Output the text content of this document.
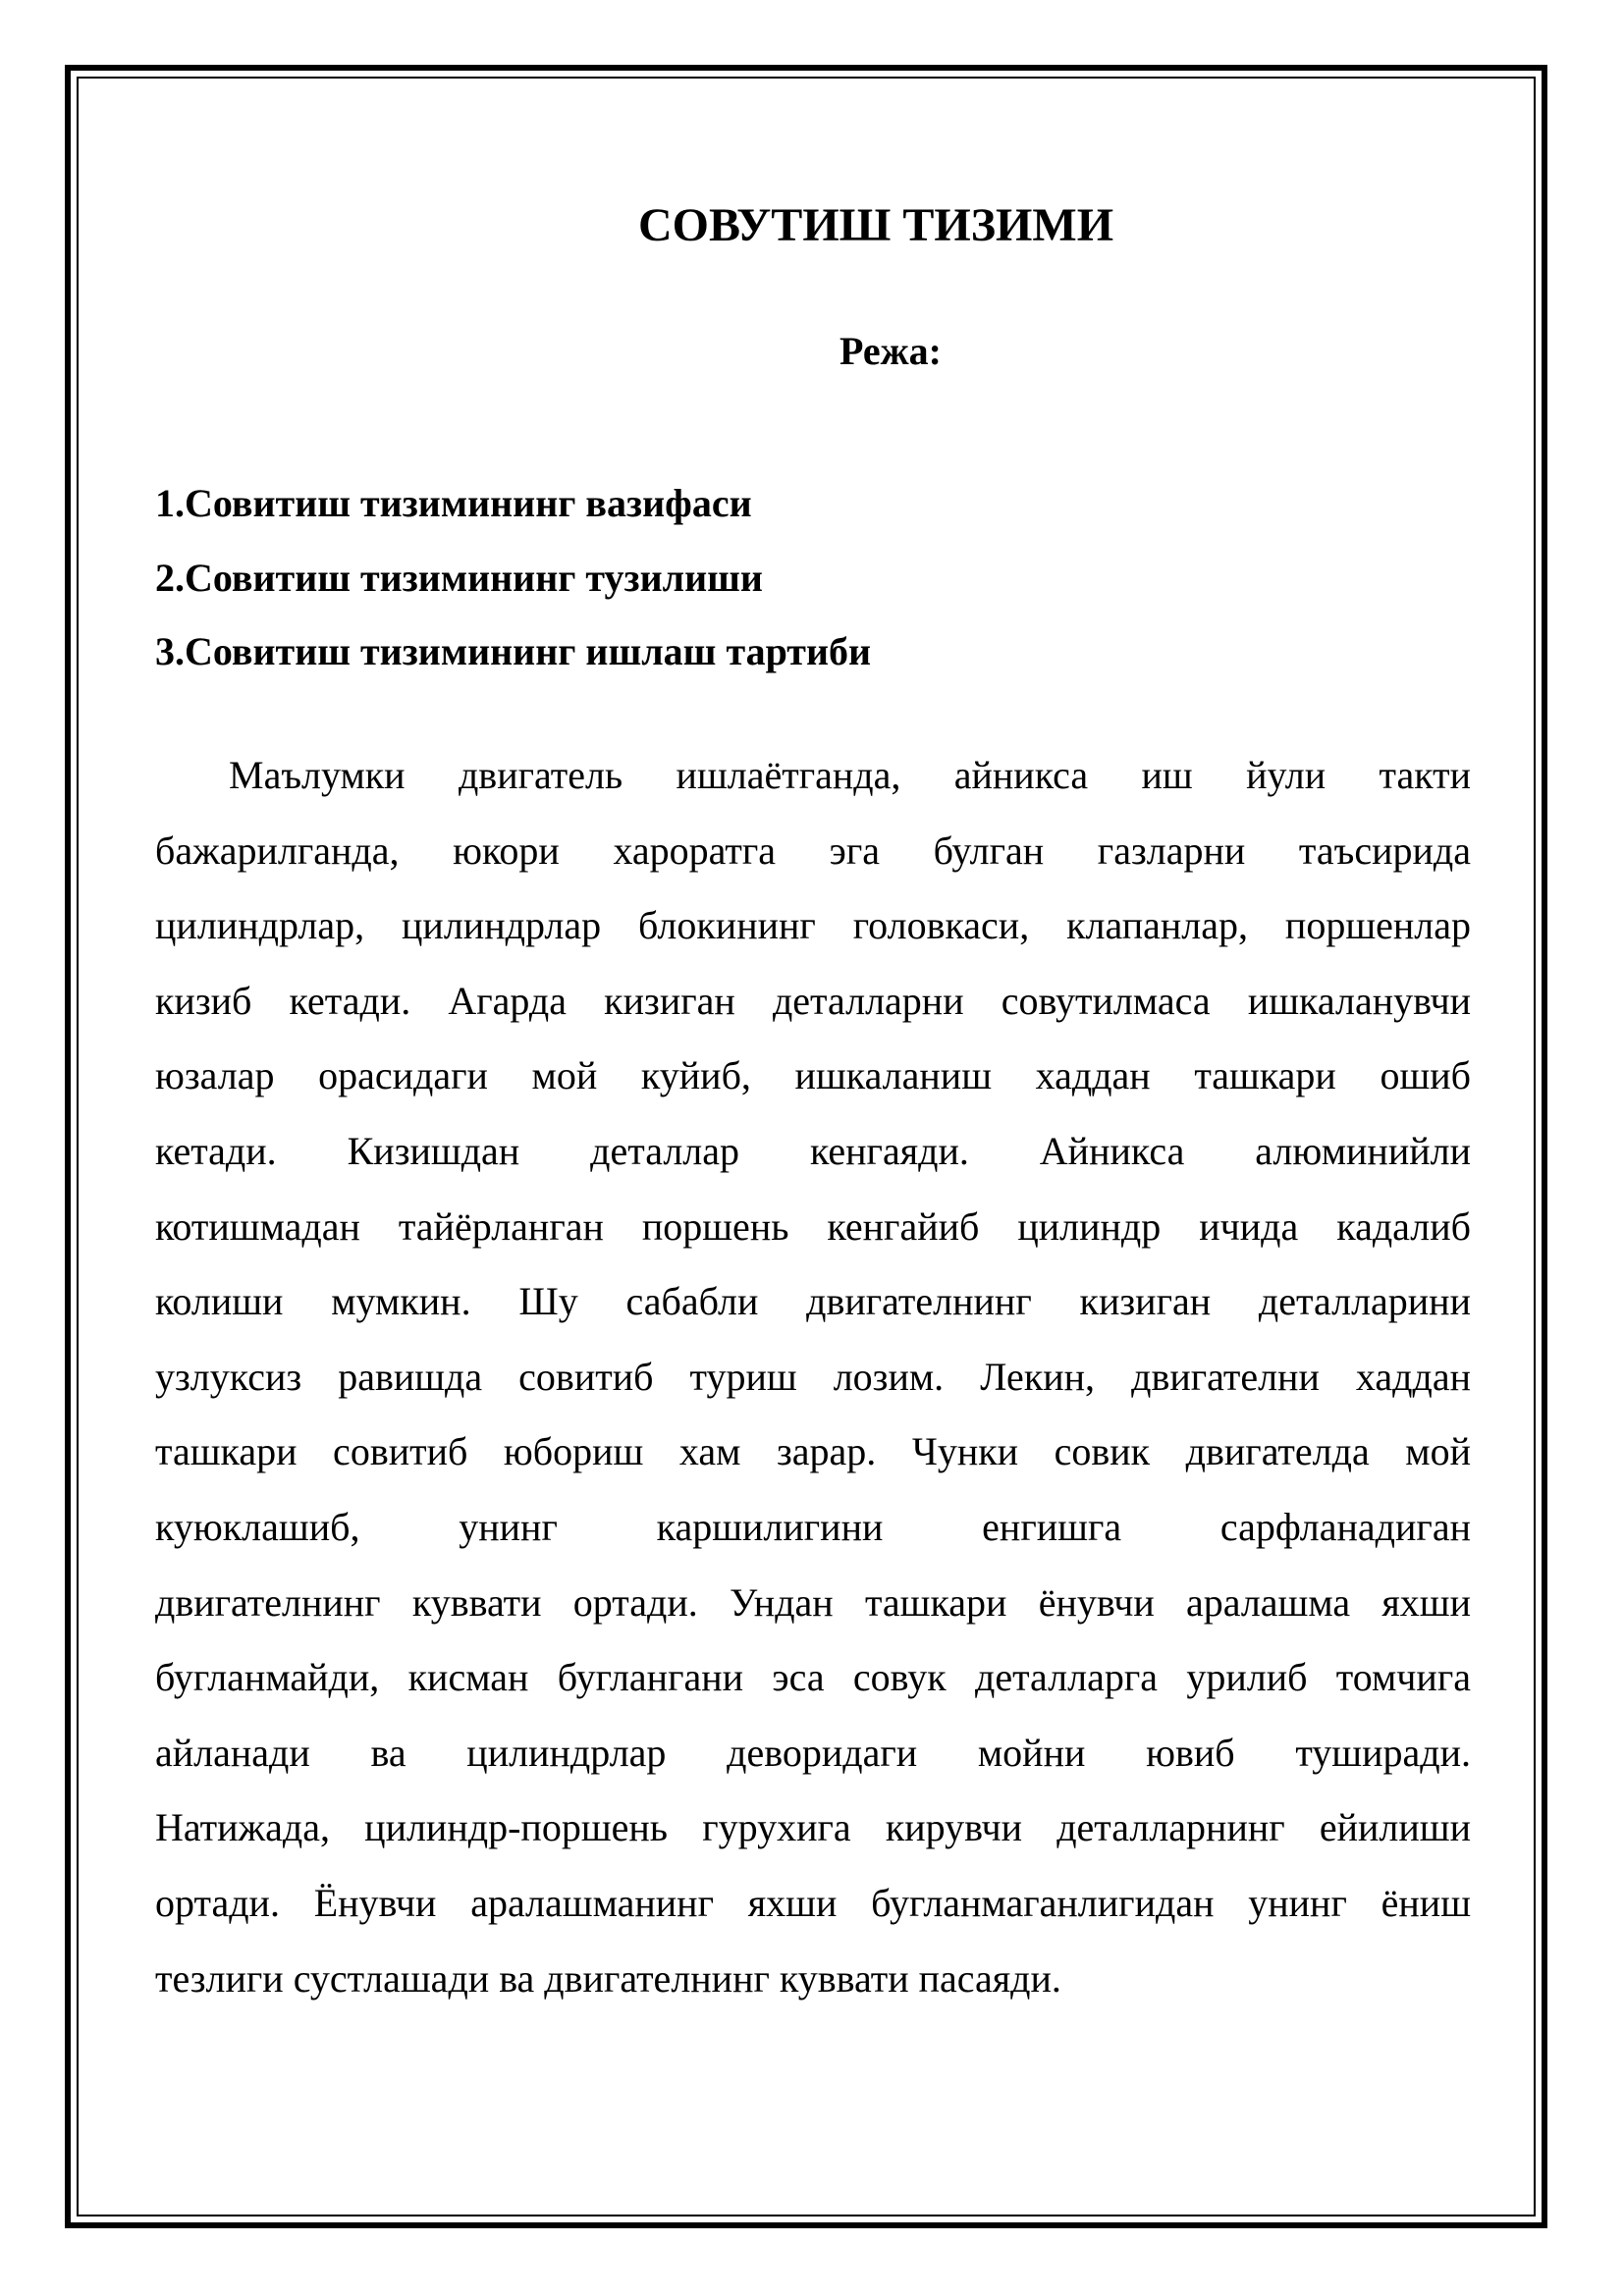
СОВУТИШ ТИЗИМИ
Режа:
1.Совитиш тизимининг вазифаси
2.Совитиш тизимининг тузилиши
3.Совитиш тизимининг ишлаш тартиби
Маълумки двигатель ишлаётганда, айникса иш йули такти
бажарилганда, юкори хароратга эга булган газларни таъсирида
цилиндрлар, цилиндрлар блокининг головкаси, клапанлар, поршенлар
кизиб кетади. Агарда кизиган деталларни совутилмаса ишкаланувчи
юзалар орасидаги мой куйиб, ишкаланиш хаддан ташкари ошиб
кетади. Кизишдан деталлар кенгаяди. Айникса алюминийли
котишмадан тайёрланган поршень кенгайиб цилиндр ичида кадалиб
колиши мумкин. Шу сабабли двигателнинг кизиган деталларини
узлуксиз равишда совитиб туриш лозим. Лекин, двигателни хаддан
ташкари совитиб юбориш хам зарар. Чунки совик двигателда мой
куюклашиб, унинг каршилигини енгишга сарфланадиган
двигателнинг куввати ортади. Ундан ташкари ёнувчи аралашма яхши
бугланмайди, кисман буглангани эса совук деталларга урилиб томчига
айланади ва цилиндрлар деворидаги мойни ювиб туширади.
Натижада, цилиндр-поршень гурухига кирувчи деталларнинг ейилиши
ортади. Ёнувчи аралашманинг яхши бугланмаганлигидан унинг ёниш
тезлиги сустлашади ва двигателнинг куввати пасаяди.
